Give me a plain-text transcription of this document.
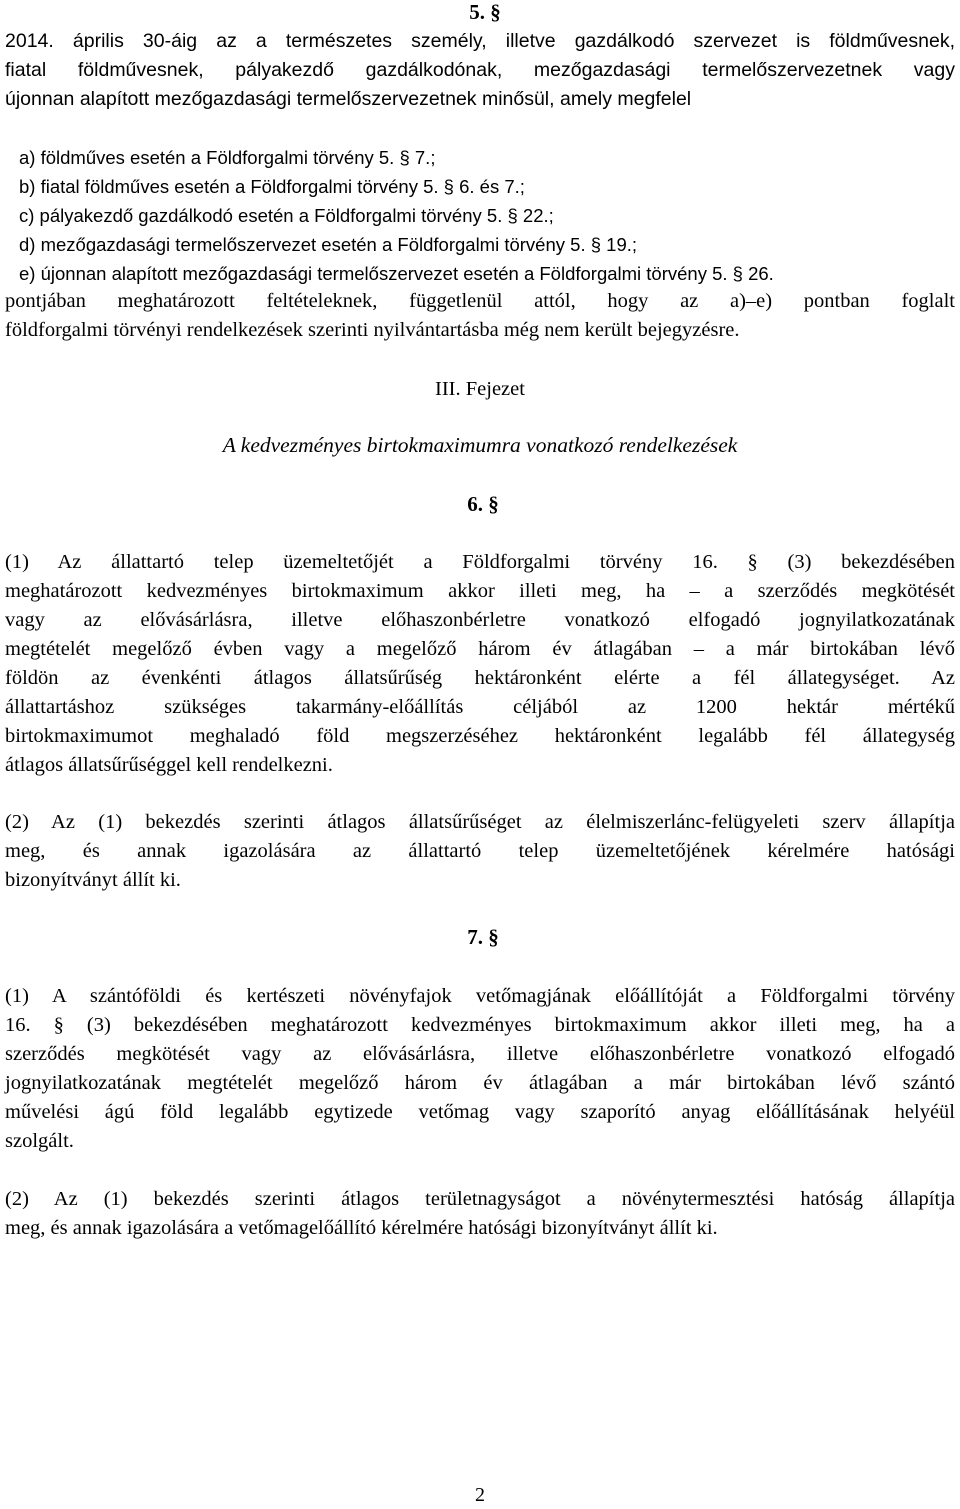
5. §
2014. április 30-áig az a természetes személy, illetve gazdálkodó szervezet is földművesnek,
fiatal földművesnek, pályakezdő gazdálkodónak, mezőgazdasági termelőszervezetnek vagy
újonnan alapított mezőgazdasági termelőszervezetnek minősül, amely megfelel
a) földműves esetén a Földforgalmi törvény 5. § 7.;
b) fiatal földműves esetén a Földforgalmi törvény 5. § 6. és 7.;
c) pályakezdő gazdálkodó esetén a Földforgalmi törvény 5. § 22.;
d) mezőgazdasági termelőszervezet esetén a Földforgalmi törvény 5. § 19.;
e) újonnan alapított mezőgazdasági termelőszervezet esetén a Földforgalmi törvény 5. § 26.
pontjában meghatározott feltételeknek, függetlenül attól, hogy az a)–e) pontban foglalt
földforgalmi törvényi rendelkezések szerinti nyilvántartásba még nem került bejegyzésre.
III. Fejezet
A kedvezményes birtokmaximumra vonatkozó rendelkezések
6. §
(1) Az állattartó telep üzemeltetőjét a Földforgalmi törvény 16. § (3) bekezdésében
meghatározott kedvezményes birtokmaximum akkor illeti meg, ha – a szerződés megkötését
vagy az elővásárlásra, illetve előhaszonbérletre vonatkozó elfogadó jognyilatkozatának
megtételét megelőző évben vagy a megelőző három év átlagában – a már birtokában lévő
földön az évenkénti átlagos állatsűrűség hektáronként elérte a fél állategységet. Az
állattartáshoz szükséges takarmány-előállítás céljából az 1200 hektár mértékű
birtokmaximumot meghaladó föld megszerzéséhez hektáronként legalább fél állategység
átlagos állatsűrűséggel kell rendelkezni.
(2) Az (1) bekezdés szerinti átlagos állatsűrűséget az élelmiszerlánc-felügyeleti szerv állapítja
meg, és annak igazolására az állattartó telep üzemeltetőjének kérelmére hatósági
bizonyítványt állít ki.
7. §
(1) A szántóföldi és kertészeti növényfajok vetőmagjának előállítóját a Földforgalmi törvény
16. § (3) bekezdésében meghatározott kedvezményes birtokmaximum akkor illeti meg, ha a
szerződés megkötését vagy az elővásárlásra, illetve előhaszonbérletre vonatkozó elfogadó
jognyilatkozatának megtételét megelőző három év átlagában a már birtokában lévő szántó
művelési ágú föld legalább egytizede vetőmag vagy szaporító anyag előállításának helyéül
szolgált.
(2) Az (1) bekezdés szerinti átlagos területnagyságot a növénytermesztési hatóság állapítja
meg, és annak igazolására a vetőmagelőállító kérelmére hatósági bizonyítványt állít ki.
2
